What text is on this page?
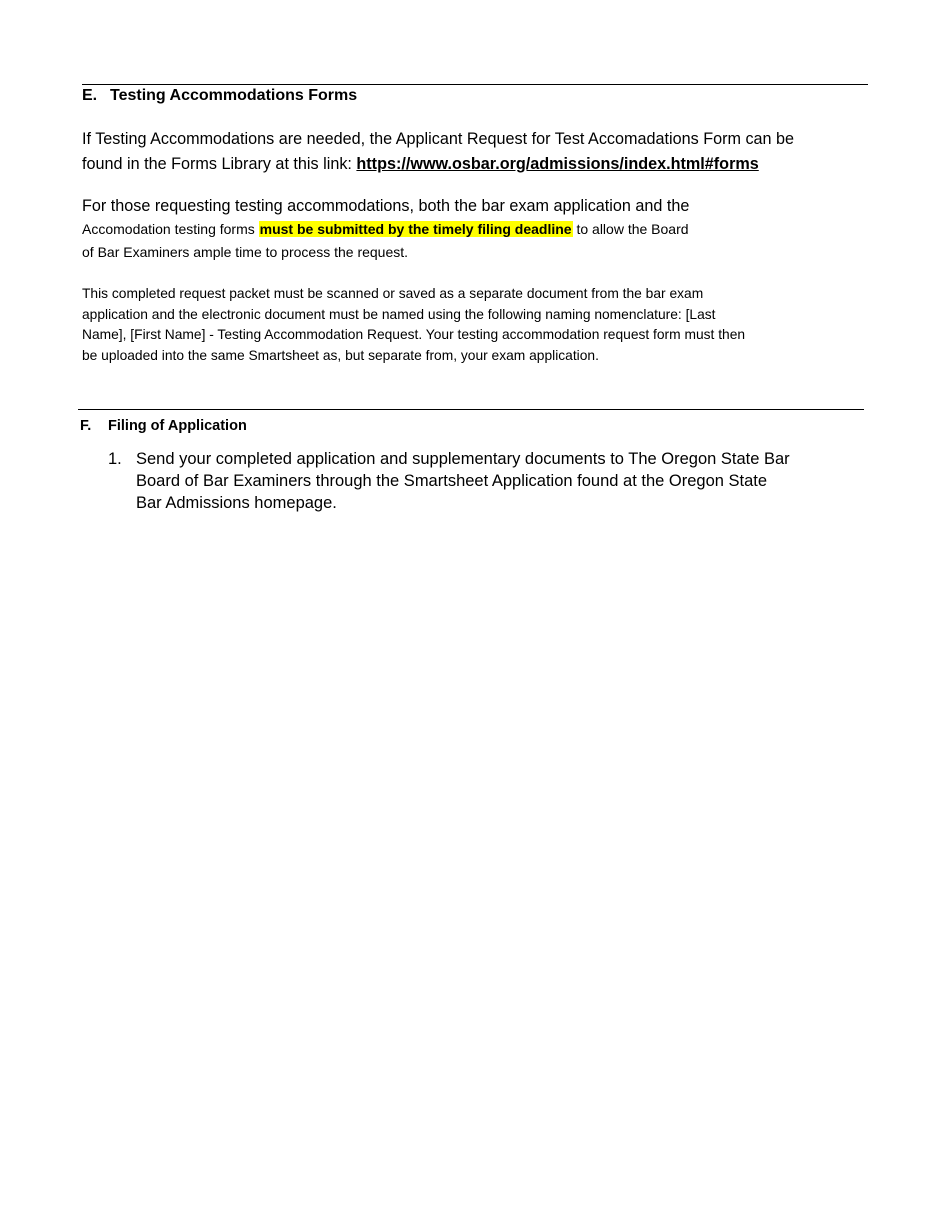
E. Testing Accommodations Forms
If Testing Accommodations are needed, the Applicant Request for Test Accomadations Form can be
found in the Forms Library at this link: https://www.osbar.org/admissions/index.html#forms
For those requesting testing accommodations, both the bar exam application and the
Accomodation testing forms must be submitted by the timely filing deadline to allow the Board
of Bar Examiners ample time to process the request.
This completed request packet must be scanned or saved as a separate document from the bar exam
application and the electronic document must be named using the following naming nomenclature: [Last
Name], [First Name] - Testing Accommodation Request. Your testing accommodation request form must then
be uploaded into the same Smartsheet as, but separate from, your exam application.
F. Filing of Application
1. Send your completed application and supplementary documents to The Oregon State Bar
Board of Bar Examiners through the Smartsheet Application found at the Oregon State
Bar Admissions homepage.
